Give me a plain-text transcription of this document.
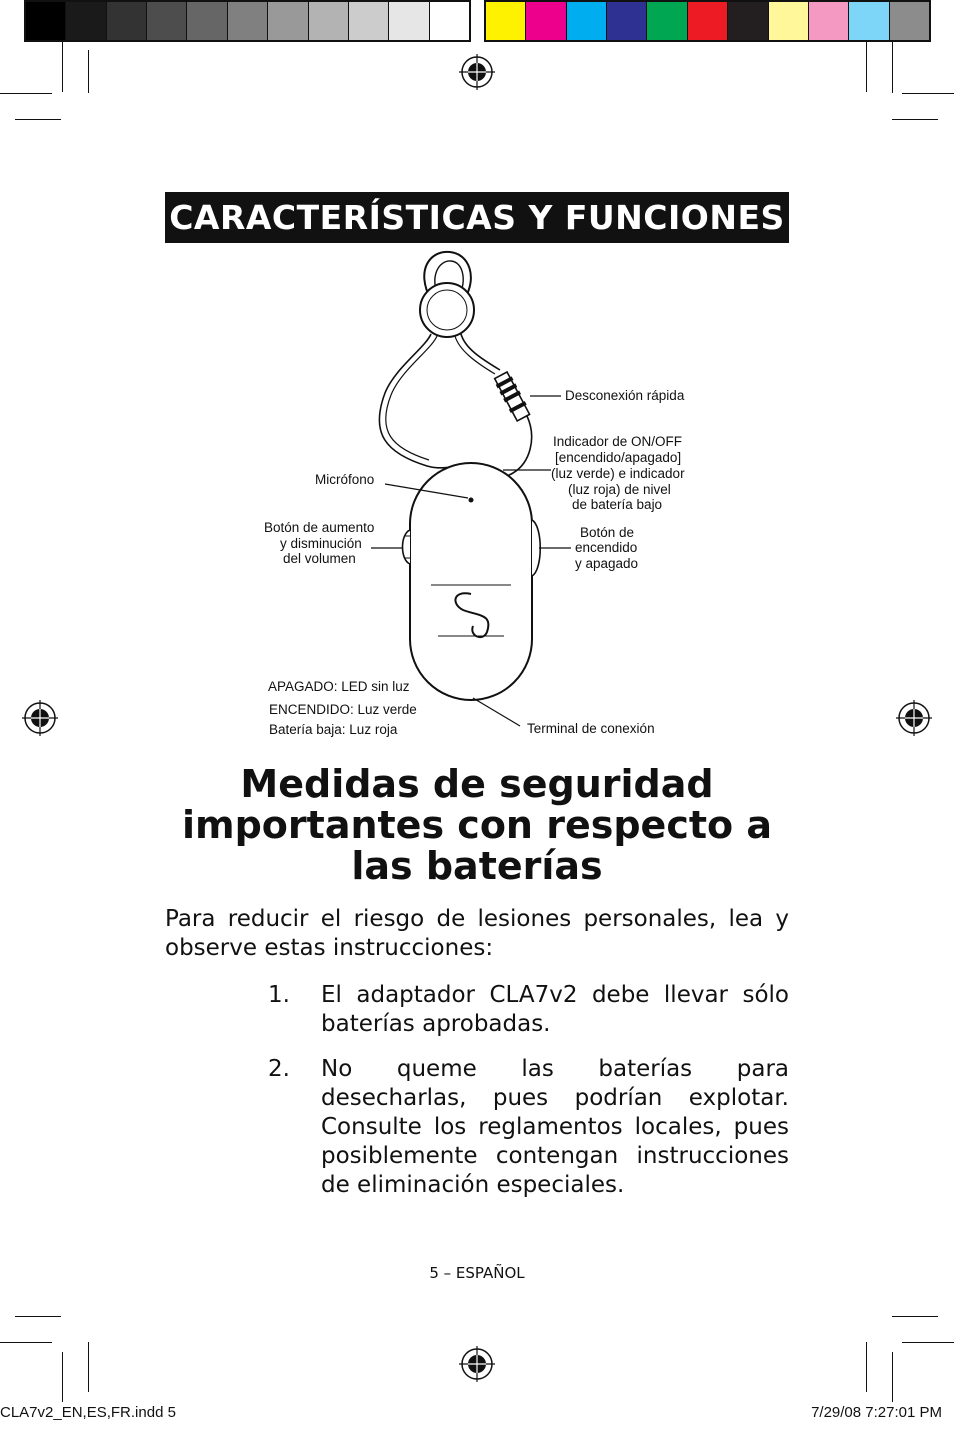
CARACTERÍSTICAS Y FUNCIONES
Desconexión rápida
Indicador de ON/OFF
[encendido/apagado]
(luz verde) e indicador
(luz roja) de nivel
de batería bajo
Micrófono
Botón de aumento
y disminución
del volumen
Botón de
encendido
y apagado
APAGADO: LED sin luz
ENCENDIDO: Luz verde
Batería baja: Luz roja	Terminal de conexión
Medidas de seguridad importantes con respecto a las baterías
Para reducir el riesgo de lesiones personales, lea y observe estas instrucciones:
1.	El adaptador CLA7v2 debe llevar sólo baterías aprobadas.
2.	No queme las baterías para desecharlas, pues podrían explotar. Consulte los reglamentos locales, pues posiblemente contengan instrucciones de eliminación especiales.
5 – ESPAÑOL
CLA7v2_EN,ES,FR.indd 5	7/29/08 7:27:01 PM
